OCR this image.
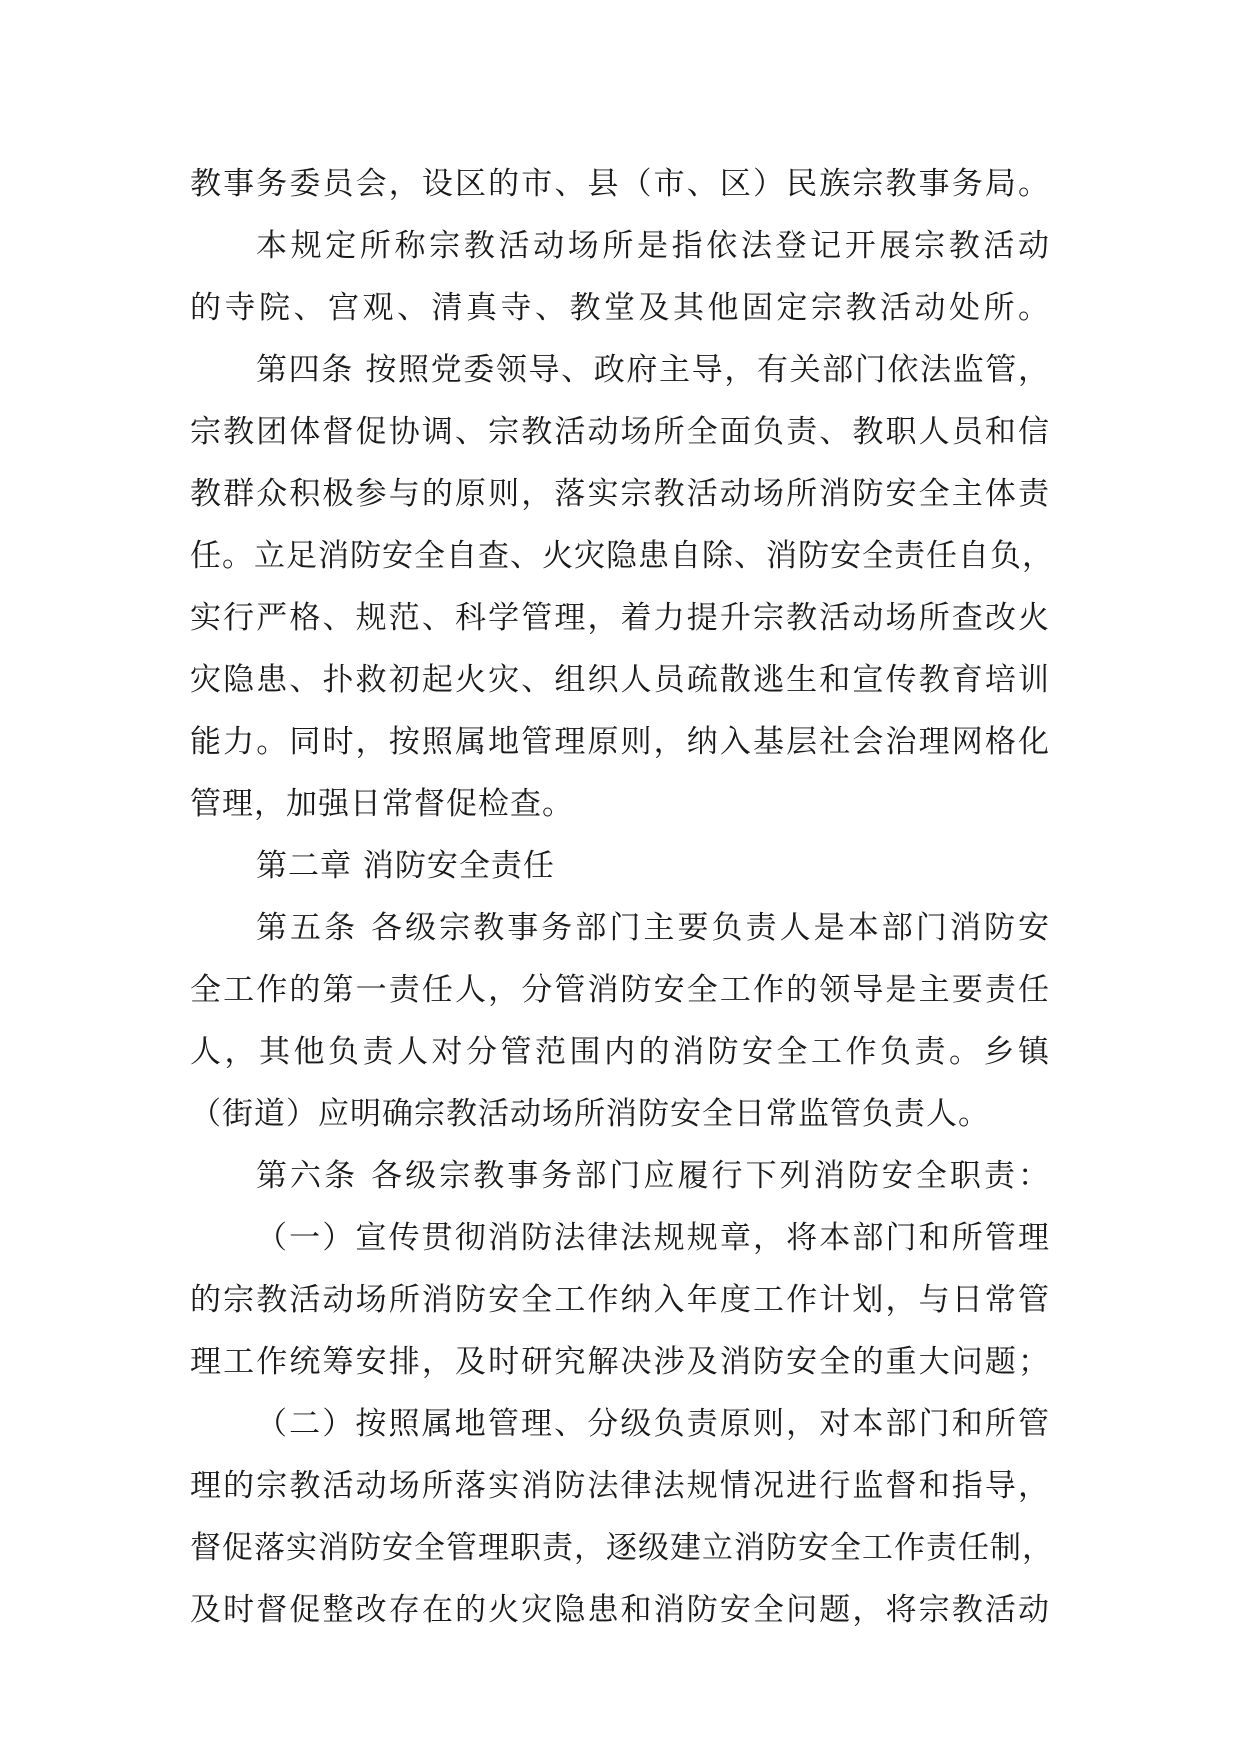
教事务委员会，设区的市、县（市、区）民族宗教事务局。
本规定所称宗教活动场所是指依法登记开展宗教活动
的寺院、宫观、清真寺、教堂及其他固定宗教活动处所。
第四条 按照党委领导、政府主导，有关部门依法监管，
宗教团体督促协调、宗教活动场所全面负责、教职人员和信
教群众积极参与的原则，落实宗教活动场所消防安全主体责
任。立足消防安全自查、火灾隐患自除、消防安全责任自负，
实行严格、规范、科学管理，着力提升宗教活动场所查改火
灾隐患、扑救初起火灾、组织人员疏散逃生和宣传教育培训
能力。同时，按照属地管理原则，纳入基层社会治理网格化
管理，加强日常督促检查。
第二章 消防安全责任
第五条 各级宗教事务部门主要负责人是本部门消防安
全工作的第一责任人，分管消防安全工作的领导是主要责任
人，其他负责人对分管范围内的消防安全工作负责。乡镇
（街道）应明确宗教活动场所消防安全日常监管负责人。
第六条 各级宗教事务部门应履行下列消防安全职责：
（一）宣传贯彻消防法律法规规章，将本部门和所管理
的宗教活动场所消防安全工作纳入年度工作计划，与日常管
理工作统筹安排，及时研究解决涉及消防安全的重大问题；
（二）按照属地管理、分级负责原则，对本部门和所管
理的宗教活动场所落实消防法律法规情况进行监督和指导，
督促落实消防安全管理职责，逐级建立消防安全工作责任制，
及时督促整改存在的火灾隐患和消防安全问题，将宗教活动
